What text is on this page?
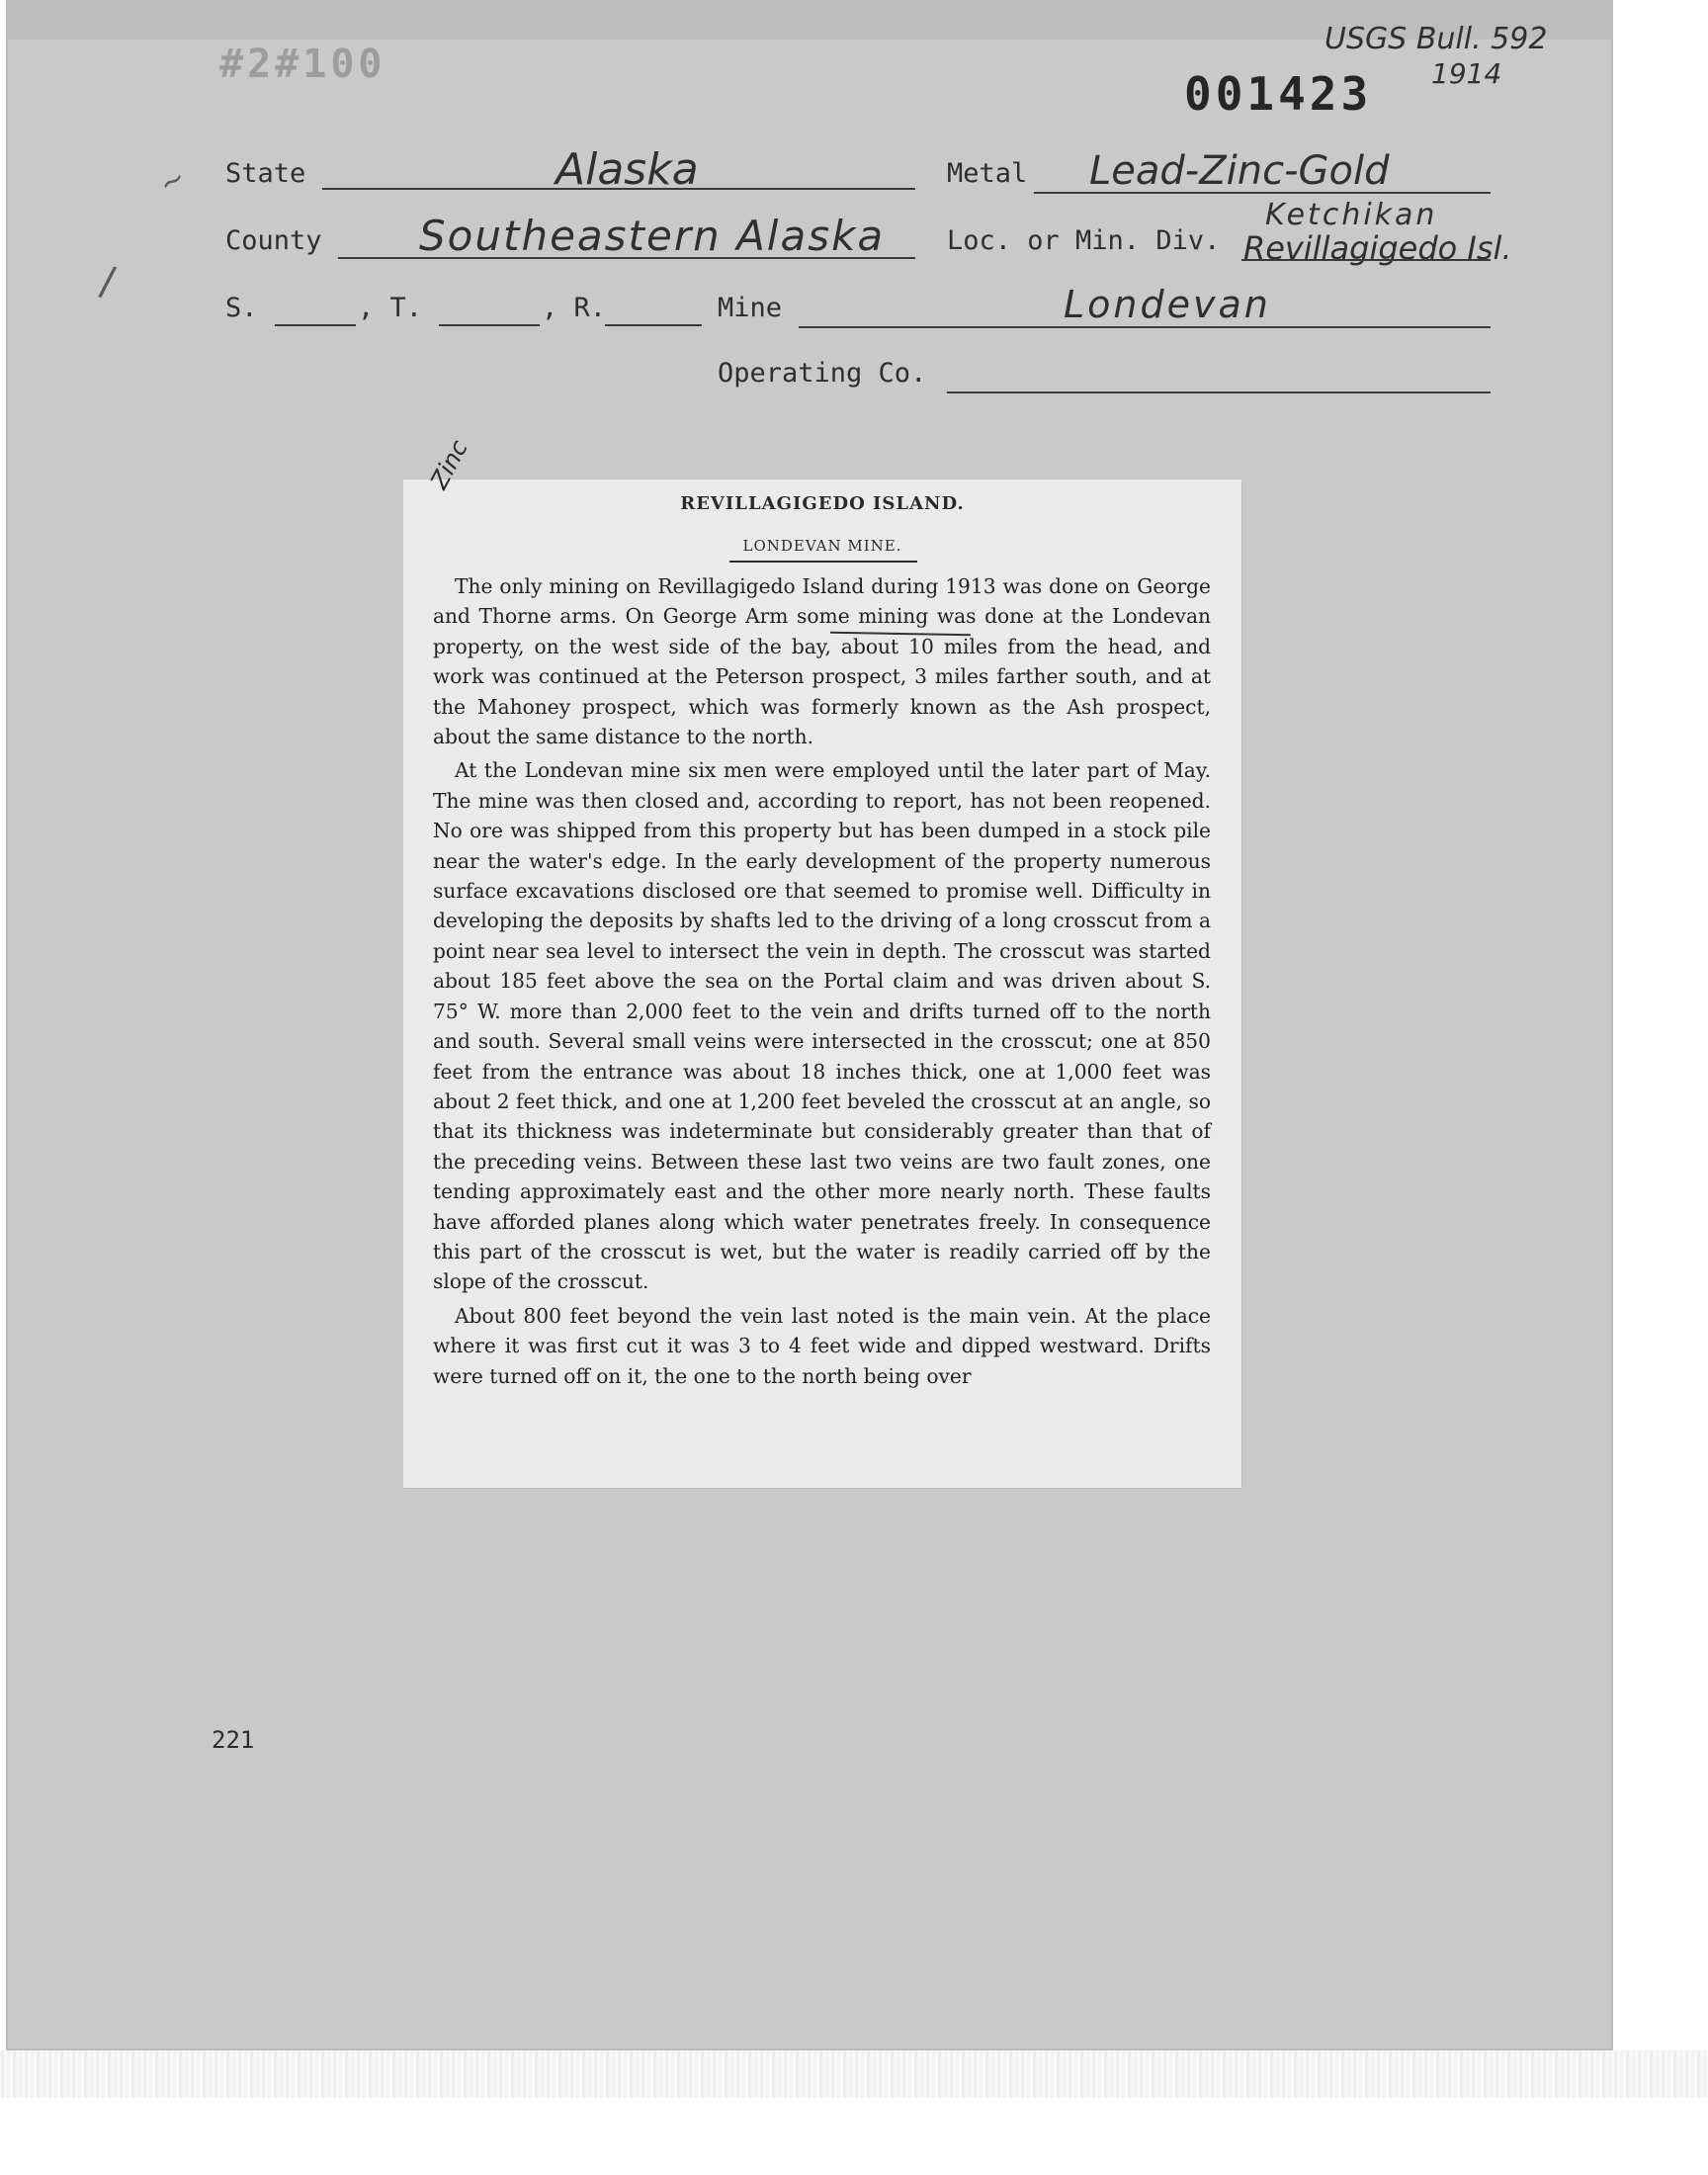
#2#100
001423
USGS Bull. 592
1914
State	Alaska	Metal Lead-Zinc-Gold
County Southeastern Alaska Loc. or Min. Div.
Ketchikan
Revillagigedo Isl.
S.	, T.	, R.	Mine	Londevan
Operating Co.
~
/
REVILLAGIGEDO ISLAND.
LONDEVAN MINE.

The only mining on Revillagigedo Island during 1913 was done on George and Thorne arms. On George Arm some mining was done at the Londevan property, on the west side of the bay, about 10 miles from the head, and work was continued at the Peterson prospect, 3 miles farther south, and at the Mahoney prospect, which was formerly known as the Ash prospect, about the same distance to the north.

At the Londevan mine six men were employed until the later part of May. The mine was then closed and, according to report, has not been reopened. No ore was shipped from this property but has been dumped in a stock pile near the water's edge. In the early development of the property numerous surface excavations disclosed ore that seemed to promise well. Difficulty in developing the deposits by shafts led to the driving of a long crosscut from a point near sea level to intersect the vein in depth. The crosscut was started about 185 feet above the sea on the Portal claim and was driven about S. 75° W. more than 2,000 feet to the vein and drifts turned off to the north and south. Several small veins were intersected in the crosscut; one at 850 feet from the entrance was about 18 inches thick, one at 1,000 feet was about 2 feet thick, and one at 1,200 feet beveled the crosscut at an angle, so that its thickness was indeterminate but considerably greater than that of the preceding veins. Between these last two veins are two fault zones, one tending approximately east and the other more nearly north. These faults have afforded planes along which water penetrates freely. In consequence this part of the crosscut is wet, but the water is readily carried off by the slope of the crosscut.

About 800 feet beyond the vein last noted is the main vein. At the place where it was first cut it was 3 to 4 feet wide and dipped westward. Drifts were turned off on it, the one to the north being over

Zinc
221
